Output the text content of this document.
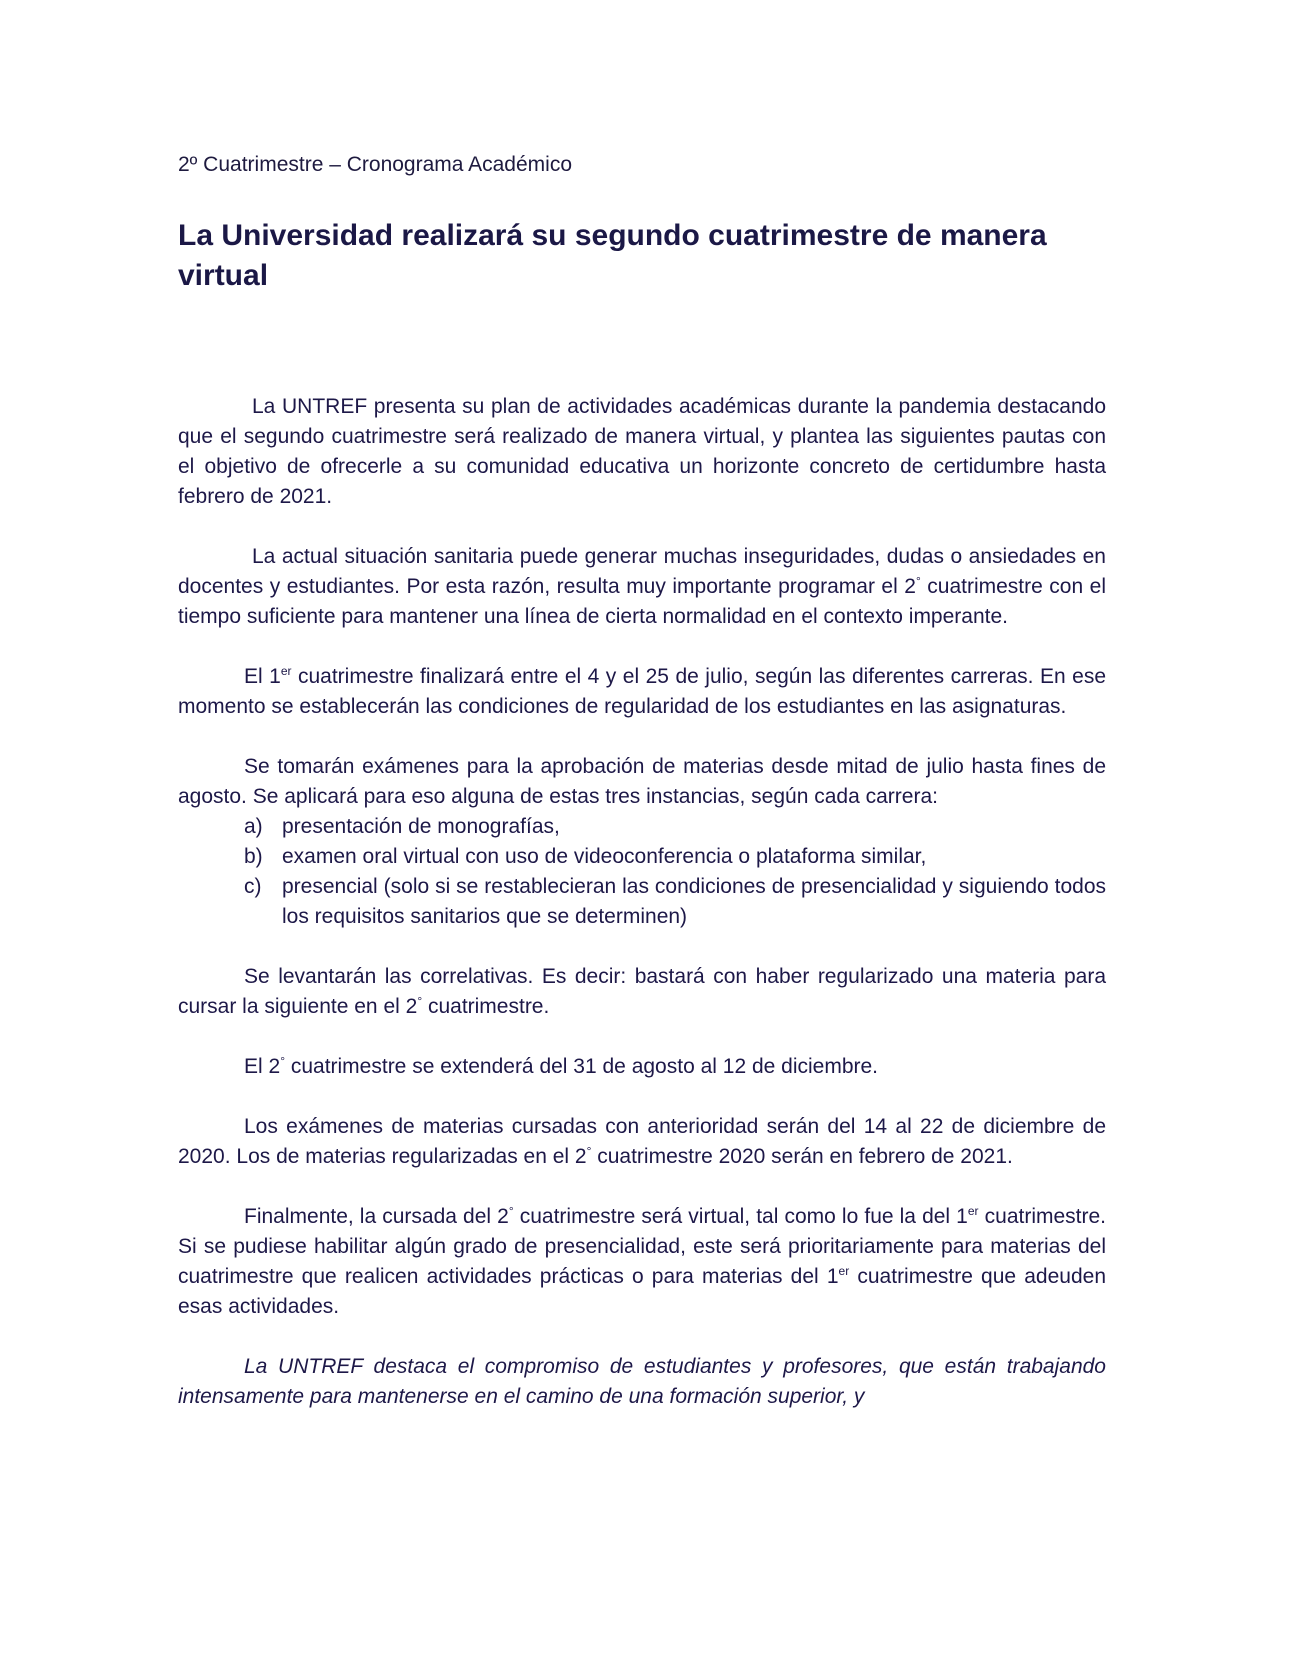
2º Cuatrimestre – Cronograma Académico

La Universidad realizará su segundo cuatrimestre de manera virtual

La UNTREF presenta su plan de actividades académicas durante la pandemia destacando que el segundo cuatrimestre será realizado de manera virtual, y plantea las siguientes pautas con el objetivo de ofrecerle a su comunidad educativa un horizonte concreto de certidumbre hasta febrero de 2021.

La actual situación sanitaria puede generar muchas inseguridades, dudas o ansiedades en docentes y estudiantes. Por esta razón, resulta muy importante programar el 2° cuatrimestre con el tiempo suficiente para mantener una línea de cierta normalidad en el contexto imperante.

El 1er cuatrimestre finalizará entre el 4 y el 25 de julio, según las diferentes carreras. En ese momento se establecerán las condiciones de regularidad de los estudiantes en las asignaturas.

Se tomarán exámenes para la aprobación de materias desde mitad de julio hasta fines de agosto. Se aplicará para eso alguna de estas tres instancias, según cada carrera:

a) presentación de monografías,
b) examen oral virtual con uso de videoconferencia o plataforma similar,
c) presencial (solo si se restablecieran las condiciones de presencialidad y siguiendo todos los requisitos sanitarios que se determinen)

Se levantarán las correlativas. Es decir: bastará con haber regularizado una materia para cursar la siguiente en el 2° cuatrimestre.

El 2° cuatrimestre se extenderá del 31 de agosto al 12 de diciembre.

Los exámenes de materias cursadas con anterioridad serán del 14 al 22 de diciembre de 2020. Los de materias regularizadas en el 2° cuatrimestre 2020 serán en febrero de 2021.

Finalmente, la cursada del 2° cuatrimestre será virtual, tal como lo fue la del 1er cuatrimestre. Si se pudiese habilitar algún grado de presencialidad, este será prioritariamente para materias del cuatrimestre que realicen actividades prácticas o para materias del 1er cuatrimestre que adeuden esas actividades.

La UNTREF destaca el compromiso de estudiantes y profesores, que están trabajando intensamente para mantenerse en el camino de una formación superior, y
